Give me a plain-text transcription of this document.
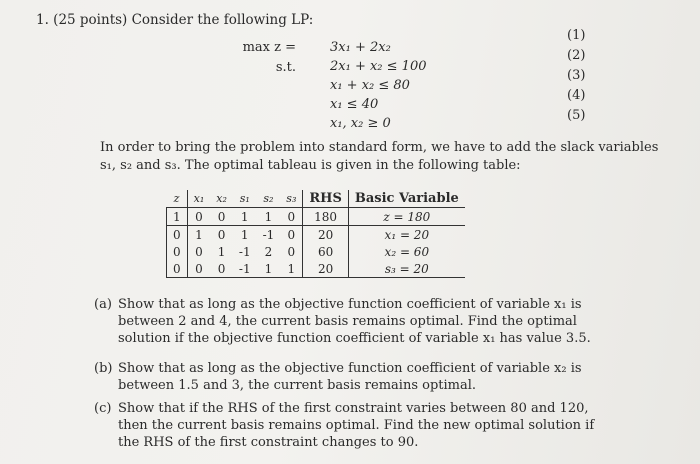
1. (25 points) Consider the following LP:
max z =
s.t.
3x₁ + 2x₂
2x₁ + x₂ ≤ 100
x₁ + x₂ ≤ 80
x₁ ≤ 40
x₁, x₂ ≥ 0
(1)
(2)
(3)
(4)
(5)
In order to bring the problem into standard form, we have to add the slack variables
s₁, s₂ and s₃. The optimal tableau is given in the following table:
z	x₁	x₂	s₁	s₂	s₃	RHS	Basic Variable
1	0	0	1	1	0	180	z = 180
0	1	0	1	-1	0	20	x₁ = 20
0	0	1	-1	2	0	60	x₂ = 60
0	0	0	-1	1	1	20	s₃ = 20
(a) Show that as long as the objective function coefficient of variable x₁ is between 2 and 4, the current basis remains optimal. Find the optimal solution if the objective function coefficient of variable x₁ has value 3.5.
(b) Show that as long as the objective function coefficient of variable x₂ is between 1.5 and 3, the current basis remains optimal.
(c) Show that if the RHS of the first constraint varies between 80 and 120, then the current basis remains optimal. Find the new optimal solution if the RHS of the first constraint changes to 90.
